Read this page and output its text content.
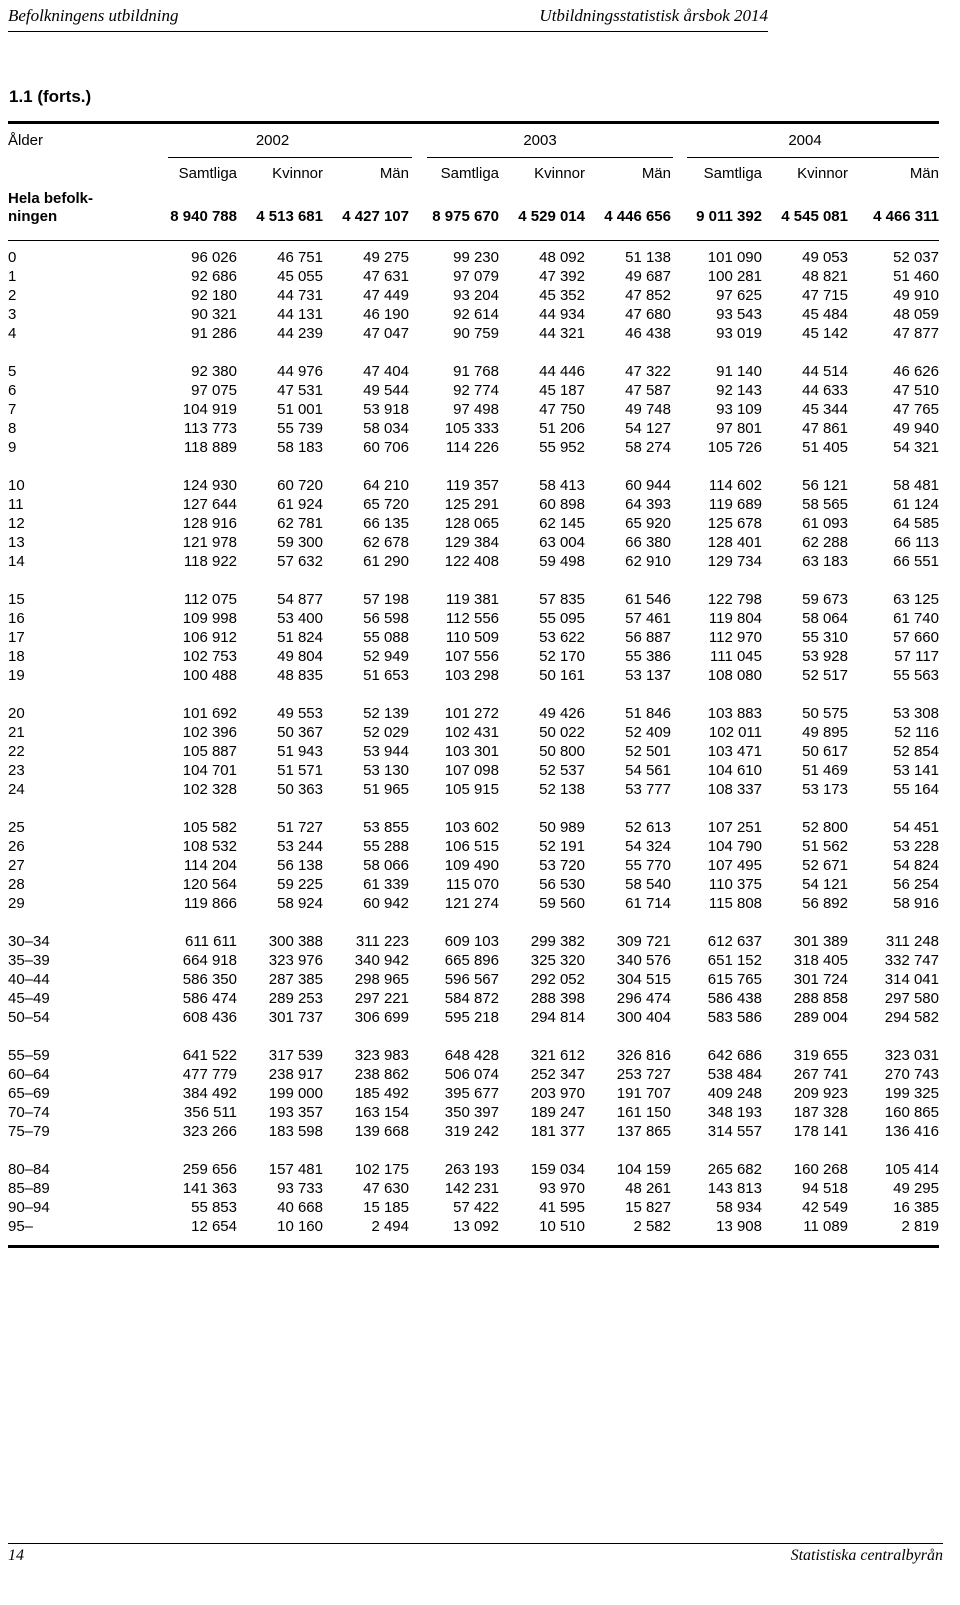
Befolkningens utbildning	Utbildningsstatistisk årsbok 2014
1.1 (forts.)
Ålder	2002			2003			2004		
	Samtliga	Kvinnor	Män	Samtliga	Kvinnor	Män	Samtliga	Kvinnor	Män

Hela befolk-
ningen	8 940 788	4 513 681	4 427 107	8 975 670	4 529 014	4 446 656	9 011 392	4 545 081	4 466 311

0	96 026	46 751	49 275	99 230	48 092	51 138	101 090	49 053	52 037
1	92 686	45 055	47 631	97 079	47 392	49 687	100 281	48 821	51 460
2	92 180	44 731	47 449	93 204	45 352	47 852	97 625	47 715	49 910
3	90 321	44 131	46 190	92 614	44 934	47 680	93 543	45 484	48 059
4	91 286	44 239	47 047	90 759	44 321	46 438	93 019	45 142	47 877

5	92 380	44 976	47 404	91 768	44 446	47 322	91 140	44 514	46 626
6	97 075	47 531	49 544	92 774	45 187	47 587	92 143	44 633	47 510
7	104 919	51 001	53 918	97 498	47 750	49 748	93 109	45 344	47 765
8	113 773	55 739	58 034	105 333	51 206	54 127	97 801	47 861	49 940
9	118 889	58 183	60 706	114 226	55 952	58 274	105 726	51 405	54 321

10	124 930	60 720	64 210	119 357	58 413	60 944	114 602	56 121	58 481
11	127 644	61 924	65 720	125 291	60 898	64 393	119 689	58 565	61 124
12	128 916	62 781	66 135	128 065	62 145	65 920	125 678	61 093	64 585
13	121 978	59 300	62 678	129 384	63 004	66 380	128 401	62 288	66 113
14	118 922	57 632	61 290	122 408	59 498	62 910	129 734	63 183	66 551

15	112 075	54 877	57 198	119 381	57 835	61 546	122 798	59 673	63 125
16	109 998	53 400	56 598	112 556	55 095	57 461	119 804	58 064	61 740
17	106 912	51 824	55 088	110 509	53 622	56 887	112 970	55 310	57 660
18	102 753	49 804	52 949	107 556	52 170	55 386	111 045	53 928	57 117
19	100 488	48 835	51 653	103 298	50 161	53 137	108 080	52 517	55 563

20	101 692	49 553	52 139	101 272	49 426	51 846	103 883	50 575	53 308
21	102 396	50 367	52 029	102 431	50 022	52 409	102 011	49 895	52 116
22	105 887	51 943	53 944	103 301	50 800	52 501	103 471	50 617	52 854
23	104 701	51 571	53 130	107 098	52 537	54 561	104 610	51 469	53 141
24	102 328	50 363	51 965	105 915	52 138	53 777	108 337	53 173	55 164

25	105 582	51 727	53 855	103 602	50 989	52 613	107 251	52 800	54 451
26	108 532	53 244	55 288	106 515	52 191	54 324	104 790	51 562	53 228
27	114 204	56 138	58 066	109 490	53 720	55 770	107 495	52 671	54 824
28	120 564	59 225	61 339	115 070	56 530	58 540	110 375	54 121	56 254
29	119 866	58 924	60 942	121 274	59 560	61 714	115 808	56 892	58 916

30–34	611 611	300 388	311 223	609 103	299 382	309 721	612 637	301 389	311 248
35–39	664 918	323 976	340 942	665 896	325 320	340 576	651 152	318 405	332 747
40–44	586 350	287 385	298 965	596 567	292 052	304 515	615 765	301 724	314 041
45–49	586 474	289 253	297 221	584 872	288 398	296 474	586 438	288 858	297 580
50–54	608 436	301 737	306 699	595 218	294 814	300 404	583 586	289 004	294 582

55–59	641 522	317 539	323 983	648 428	321 612	326 816	642 686	319 655	323 031
60–64	477 779	238 917	238 862	506 074	252 347	253 727	538 484	267 741	270 743
65–69	384 492	199 000	185 492	395 677	203 970	191 707	409 248	209 923	199 325
70–74	356 511	193 357	163 154	350 397	189 247	161 150	348 193	187 328	160 865
75–79	323 266	183 598	139 668	319 242	181 377	137 865	314 557	178 141	136 416

80–84	259 656	157 481	102 175	263 193	159 034	104 159	265 682	160 268	105 414
85–89	141 363	93 733	47 630	142 231	93 970	48 261	143 813	94 518	49 295
90–94	55 853	40 668	15 185	57 422	41 595	15 827	58 934	42 549	16 385
95–	12 654	10 160	2 494	13 092	10 510	2 582	13 908	11 089	2 819
14	Statistiska centralbyrån
